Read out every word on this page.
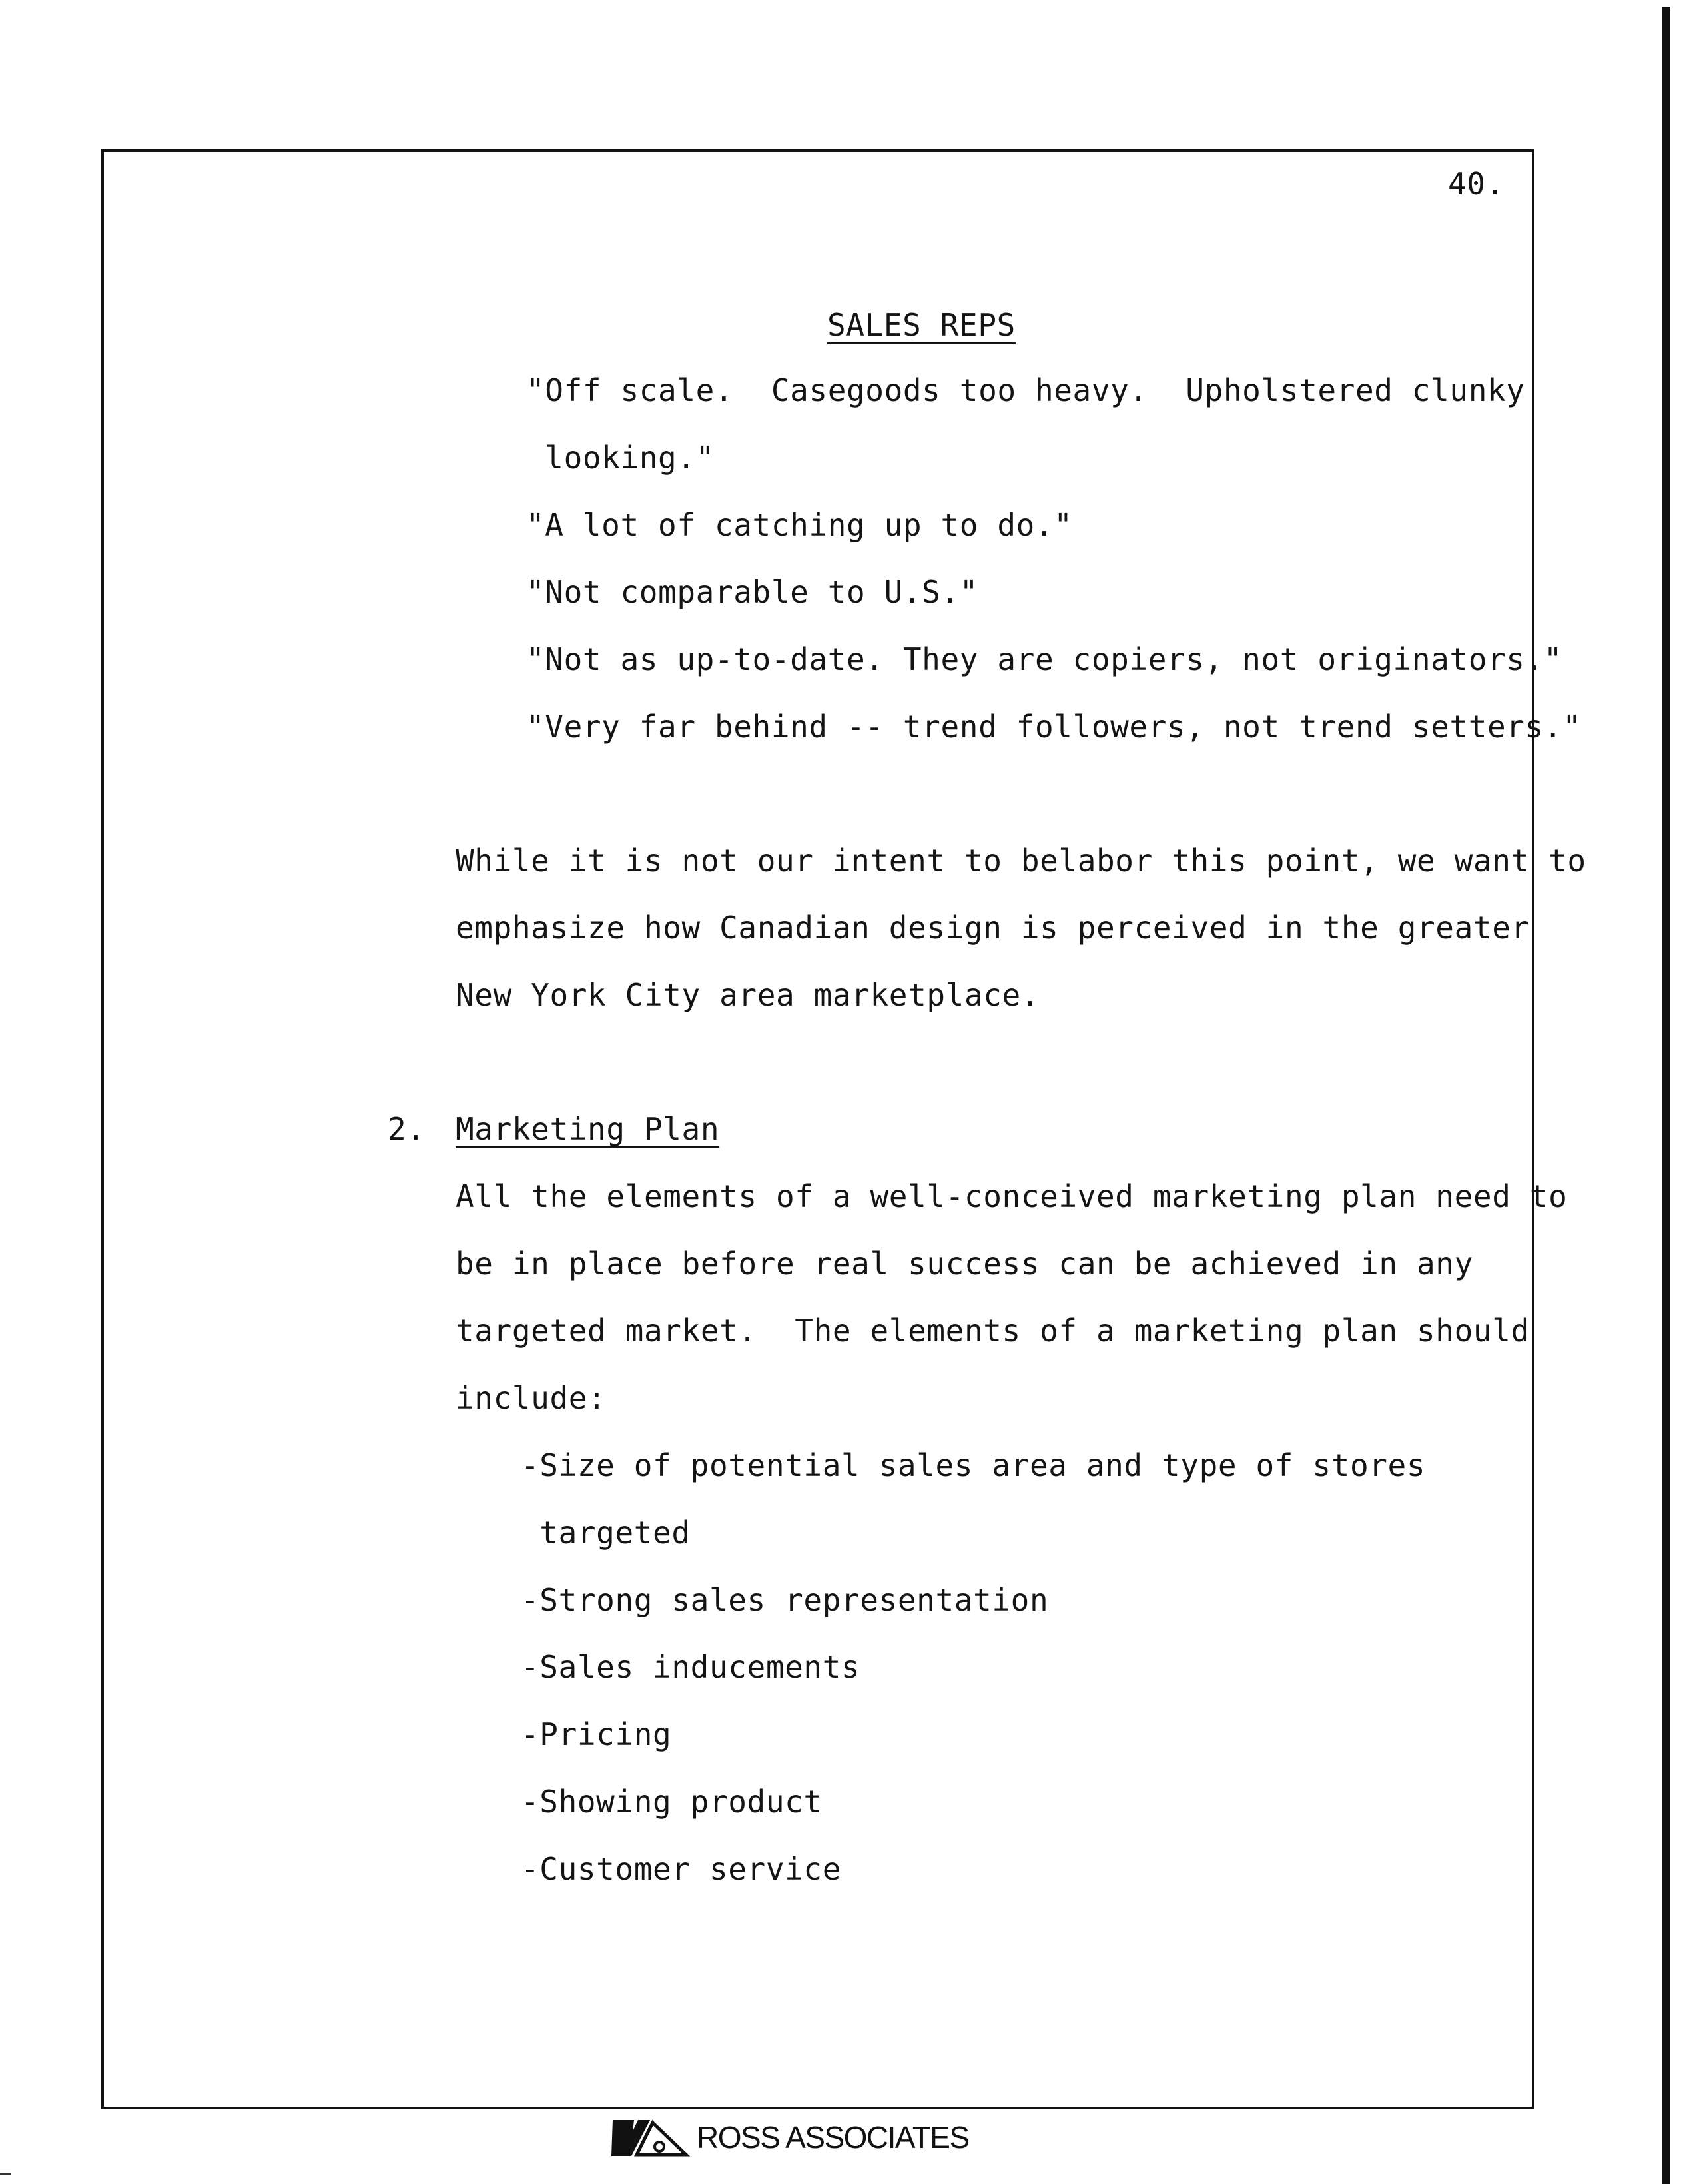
40.
SALES REPS
"Off scale.  Casegoods too heavy.  Upholstered clunky
looking."
"A lot of catching up to do."
"Not comparable to U.S."
"Not as up-to-date. They are copiers, not originators."
"Very far behind -- trend followers, not trend setters."
While it is not our intent to belabor this point, we want to
emphasize how Canadian design is perceived in the greater
New York City area marketplace.
2. Marketing Plan
All the elements of a well-conceived marketing plan need to
be in place before real success can be achieved in any
targeted market.  The elements of a marketing plan should
include:
-Size of potential sales area and type of stores
targeted
-Strong sales representation
-Sales inducements
-Pricing
-Showing product
-Customer service
ROSS ASSOCIATES
